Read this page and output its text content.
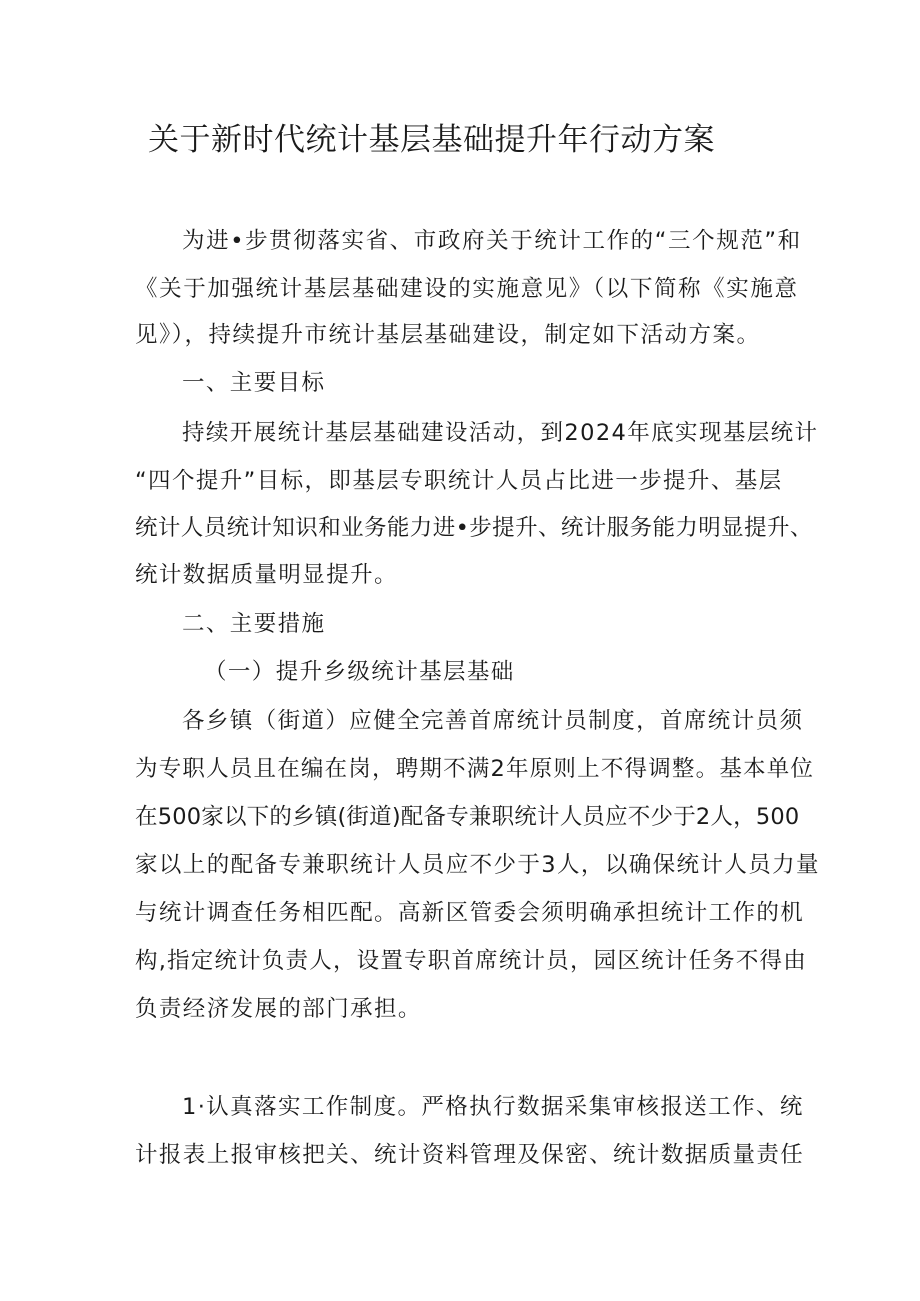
关于新时代统计基层基础提升年行动方案

为进•步贯彻落实省、市政府关于统计工作的“三个规范”和

《关于加强统计基层基础建设的实施意见》（以下简称《实施意

见》），持续提升市统计基层基础建设，制定如下活动方案。

一、主要目标

持续开展统计基层基础建设活动，到2024年底实现基层统计

“四个提升”目标，即基层专职统计人员占比进一步提升、基层

统计人员统计知识和业务能力进•步提升、统计服务能力明显提升、

统计数据质量明显提升。

二、主要措施

（一）提升乡级统计基层基础

各乡镇（街道）应健全完善首席统计员制度，首席统计员须

为专职人员且在编在岗，聘期不满2年原则上不得调整。基本单位

在500家以下的乡镇(街道)配备专兼职统计人员应不少于2人，500

家以上的配备专兼职统计人员应不少于3人，以确保统计人员力量

与统计调查任务相匹配。高新区管委会须明确承担统计工作的机

构,指定统计负责人，设置专职首席统计员，园区统计任务不得由

负责经济发展的部门承担。

1·认真落实工作制度。严格执行数据采集审核报送工作、统

计报表上报审核把关、统计资料管理及保密、统计数据质量责任
